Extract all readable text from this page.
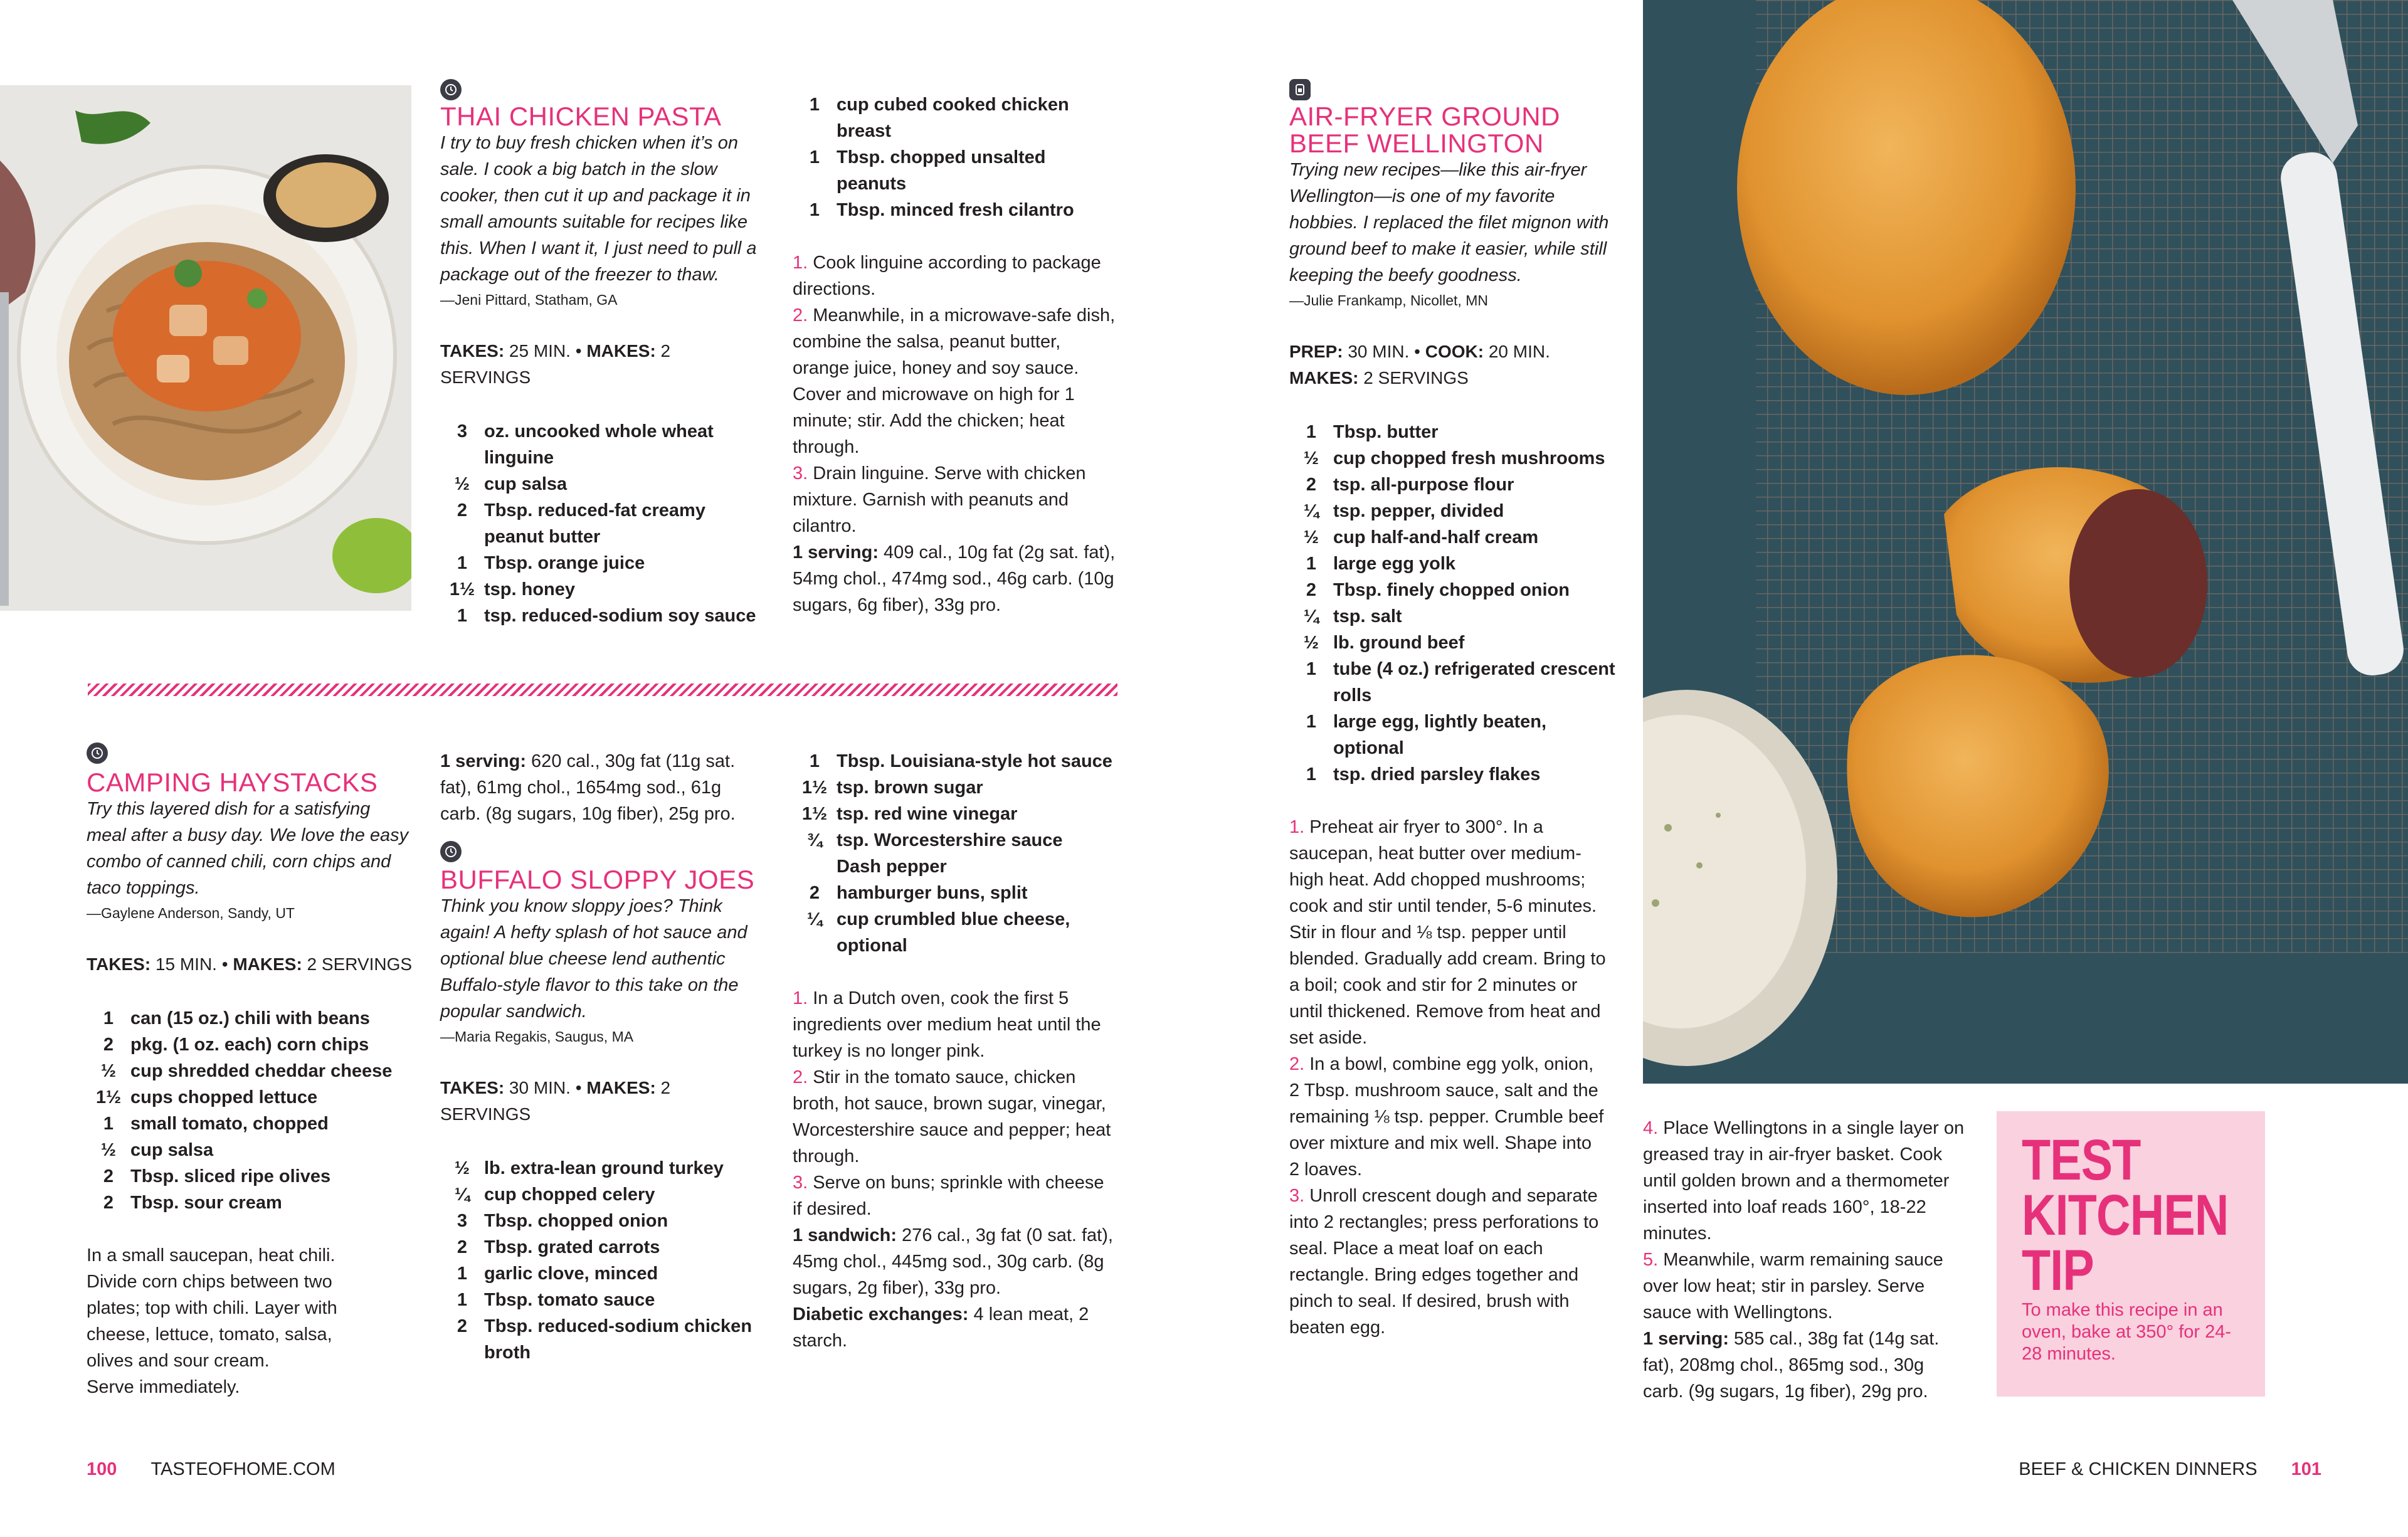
THAI CHICKEN PASTA

I try to buy fresh chicken when it’s on sale. I cook a big batch in the slow cooker, then cut it up and package it in small amounts suitable for recipes like this. When I want it, I just need to pull a package out of the freezer to thaw.

—Jeni Pittard, Statham, GA

TAKES: 25 MIN. • MAKES: 2 SERVINGS

3 oz. uncooked whole wheat linguine
½ cup salsa
2 Tbsp. reduced-fat creamy peanut butter
1 Tbsp. orange juice
1½ tsp. honey
1 tsp. reduced-sodium soy sauce
1 cup cubed cooked chicken breast
1 Tbsp. chopped unsalted peanuts
1 Tbsp. minced fresh cilantro

1. Cook linguine according to package directions.

2. Meanwhile, in a microwave-safe dish, combine the salsa, peanut butter, orange juice, honey and soy sauce. Cover and microwave on high for 1 minute; stir. Add the chicken; heat through.

3. Drain linguine. Serve with chicken mixture. Garnish with peanuts and cilantro.

1 serving: 409 cal., 10g fat (2g sat. fat), 54mg chol., 474mg sod., 46g carb. (10g sugars, 6g fiber), 33g pro.

CAMPING HAYSTACKS

Try this layered dish for a satisfying meal after a busy day. We love the easy combo of canned chili, corn chips and taco toppings.

—Gaylene Anderson, Sandy, UT

TAKES: 15 MIN. • MAKES: 2 SERVINGS

1 can (15 oz.) chili with beans
2 pkg. (1 oz. each) corn chips
½ cup shredded cheddar cheese
1½ cups chopped lettuce
1 small tomato, chopped
½ cup salsa
2 Tbsp. sliced ripe olives
2 Tbsp. sour cream

In a small saucepan, heat chili. Divide corn chips between two plates; top with chili. Layer with cheese, lettuce, tomato, salsa, olives and sour cream.

Serve immediately.

1 serving: 620 cal., 30g fat (11g sat. fat), 61mg chol., 1654mg sod., 61g carb. (8g sugars, 10g fiber), 25g pro.

BUFFALO SLOPPY JOES

Think you know sloppy joes? Think again! A hefty splash of hot sauce and optional blue cheese lend authentic Buffalo-style flavor to this take on the popular sandwich.

—Maria Regakis, Saugus, MA

TAKES: 30 MIN. • MAKES: 2 SERVINGS

½ lb. extra-lean ground turkey
¼ cup chopped celery
3 Tbsp. chopped onion
2 Tbsp. grated carrots
1 garlic clove, minced
1 Tbsp. tomato sauce
2 Tbsp. reduced-sodium chicken broth
1 Tbsp. Louisiana-style hot sauce
1½ tsp. brown sugar
1½ tsp. red wine vinegar
¾ tsp. Worcestershire sauce
Dash pepper
2 hamburger buns, split
¼ cup crumbled blue cheese, optional

1. In a Dutch oven, cook the first 5 ingredients over medium heat until the turkey is no longer pink.

2. Stir in the tomato sauce, chicken broth, hot sauce, brown sugar, vinegar, Worcestershire sauce and pepper; heat through.

3. Serve on buns; sprinkle with cheese if desired.

1 sandwich: 276 cal., 3g fat (0 sat. fat), 45mg chol., 445mg sod., 30g carb. (8g sugars, 2g fiber), 33g pro.

Diabetic exchanges: 4 lean meat, 2 starch.

100 TASTEOFHOME.COM
AIR-FRYER GROUND BEEF WELLINGTON

Trying new recipes—like this air-fryer Wellington—is one of my favorite hobbies. I replaced the filet mignon with ground beef to make it easier, while still keeping the beefy goodness.

—Julie Frankamp, Nicollet, MN

PREP: 30 MIN. • COOK: 20 MIN.
MAKES: 2 SERVINGS

1 Tbsp. butter
½ cup chopped fresh mushrooms
2 tsp. all-purpose flour
¼ tsp. pepper, divided
½ cup half-and-half cream
1 large egg yolk
2 Tbsp. finely chopped onion
¼ tsp. salt
½ lb. ground beef
1 tube (4 oz.) refrigerated crescent rolls
1 large egg, lightly beaten, optional
1 tsp. dried parsley flakes

1. Preheat air fryer to 300°. In a saucepan, heat butter over medium-high heat. Add chopped mushrooms; cook and stir until tender, 5-6 minutes. Stir in flour and ⅛ tsp. pepper until blended. Gradually add cream. Bring to a boil; cook and stir for 2 minutes or until thickened. Remove from heat and set aside.

2. In a bowl, combine egg yolk, onion, 2 Tbsp. mushroom sauce, salt and the remaining ⅛ tsp. pepper. Crumble beef over mixture and mix well. Shape into 2 loaves.

3. Unroll crescent dough and separate into 2 rectangles; press perforations to seal. Place a meat loaf on each rectangle. Bring edges together and pinch to seal. If desired, brush with beaten egg.

4. Place Wellingtons in a single layer on greased tray in air-fryer basket. Cook until golden brown and a thermometer inserted into loaf reads 160°, 18-22 minutes.

5. Meanwhile, warm remaining sauce over low heat; stir in parsley. Serve sauce with Wellingtons.

1 serving: 585 cal., 38g fat (14g sat. fat), 208mg chol., 865mg sod., 30g carb. (9g sugars, 1g fiber), 29g pro.

TEST
KITCHEN
TIP

To make this recipe in an oven, bake at 350° for 24-28 minutes.

BEEF & CHICKEN DINNERS 101
